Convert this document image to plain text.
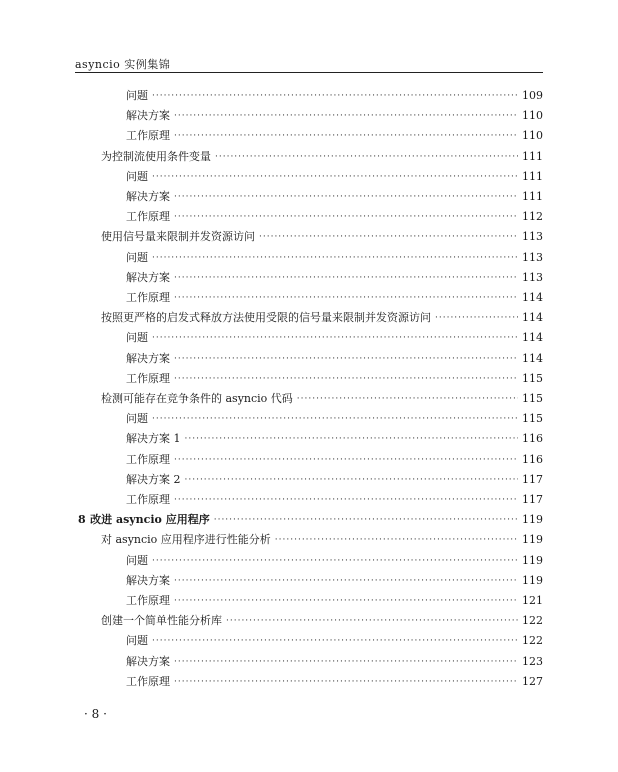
asyncio 实例集锦
问题 ·····	109
解决方案 ·····	110
工作原理 ·····	110
为控制流使用条件变量 ·····	111
问题 ·····	111
解决方案 ·····	111
工作原理 ·····	112
使用信号量来限制并发资源访问 ·····	113
问题 ·····	113
解决方案 ·····	113
工作原理 ·····	114
按照更严格的启发式释放方法使用受限的信号量来限制并发资源访问 ·····	114
问题 ·····	114
解决方案 ·····	114
工作原理 ·····	115
检测可能存在竞争条件的 asyncio 代码 ·····	115
问题 ·····	115
解决方案 1 ·····	116
工作原理 ·····	116
解决方案 2 ·····	117
工作原理 ·····	117
8 改进 asyncio 应用程序 ·····	119
对 asyncio 应用程序进行性能分析 ·····	119
问题 ·····	119
解决方案 ·····	119
工作原理 ·····	121
创建一个简单性能分析库 ·····	122
问题 ·····	122
解决方案 ·····	123
工作原理 ·····	127
· 8 ·
